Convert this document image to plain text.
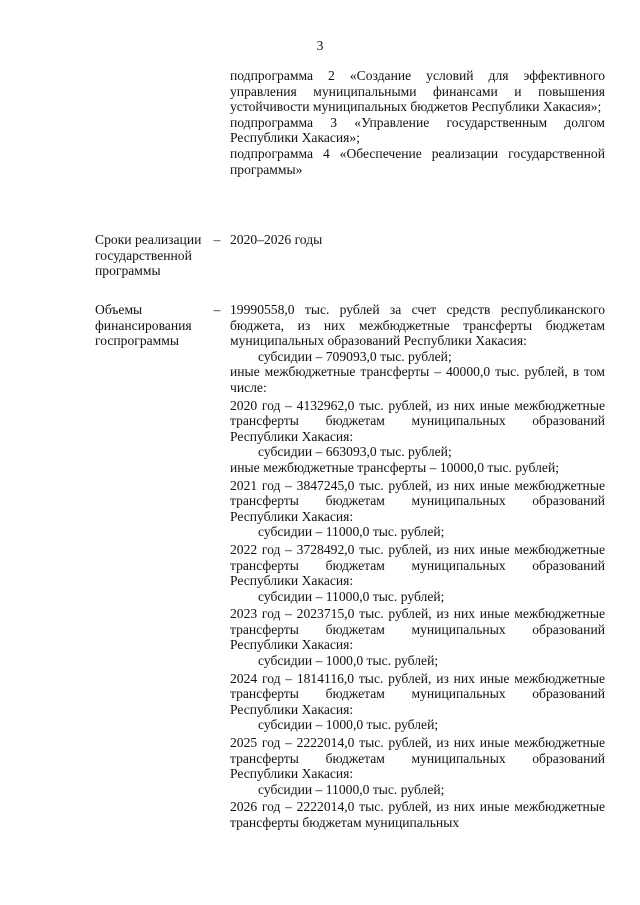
3

подпрограмма 2 «Создание условий для эффективного управления муниципальными финансами и повышения устойчивости муниципальных бюджетов Республики Хакасия»;

подпрограмма 3 «Управление государственным долгом Республики Хакасия»;

подпрограмма 4 «Обеспечение реализации государственной программы»

Сроки реализации государственной программы
– 2020–2026 годы
Объемы финансирования госпрограммы
– 19990558,0 тыс. рублей за счет средств республиканского бюджета, из них межбюджетные трансферты бюджетам муниципальных образований Республики Хакасия:

субсидии – 709093,0 тыс. рублей;

иные межбюджетные трансферты – 40000,0 тыс. рублей, в том числе:

2020 год – 4132962,0 тыс. рублей, из них иные межбюджетные трансферты бюджетам муниципальных образований Республики Хакасия:

субсидии – 663093,0 тыс. рублей;

иные межбюджетные трансферты – 10000,0 тыс. рублей;

2021 год – 3847245,0 тыс. рублей, из них иные межбюджетные трансферты бюджетам муниципальных образований Республики Хакасия:

субсидии – 11000,0 тыс. рублей;

2022 год – 3728492,0 тыс. рублей, из них иные межбюджетные трансферты бюджетам муниципальных образований Республики Хакасия:

субсидии – 11000,0 тыс. рублей;

2023 год – 2023715,0 тыс. рублей, из них иные межбюджетные трансферты бюджетам муниципальных образований Республики Хакасия:

субсидии – 1000,0 тыс. рублей;

2024 год – 1814116,0 тыс. рублей, из них иные межбюджетные трансферты бюджетам муниципальных образований Республики Хакасия:

субсидии – 1000,0 тыс. рублей;

2025 год – 2222014,0 тыс. рублей, из них иные межбюджетные трансферты бюджетам муниципальных образований Республики Хакасия:

субсидии – 11000,0 тыс. рублей;

2026 год – 2222014,0 тыс. рублей, из них иные межбюджетные трансферты бюджетам муниципальных
